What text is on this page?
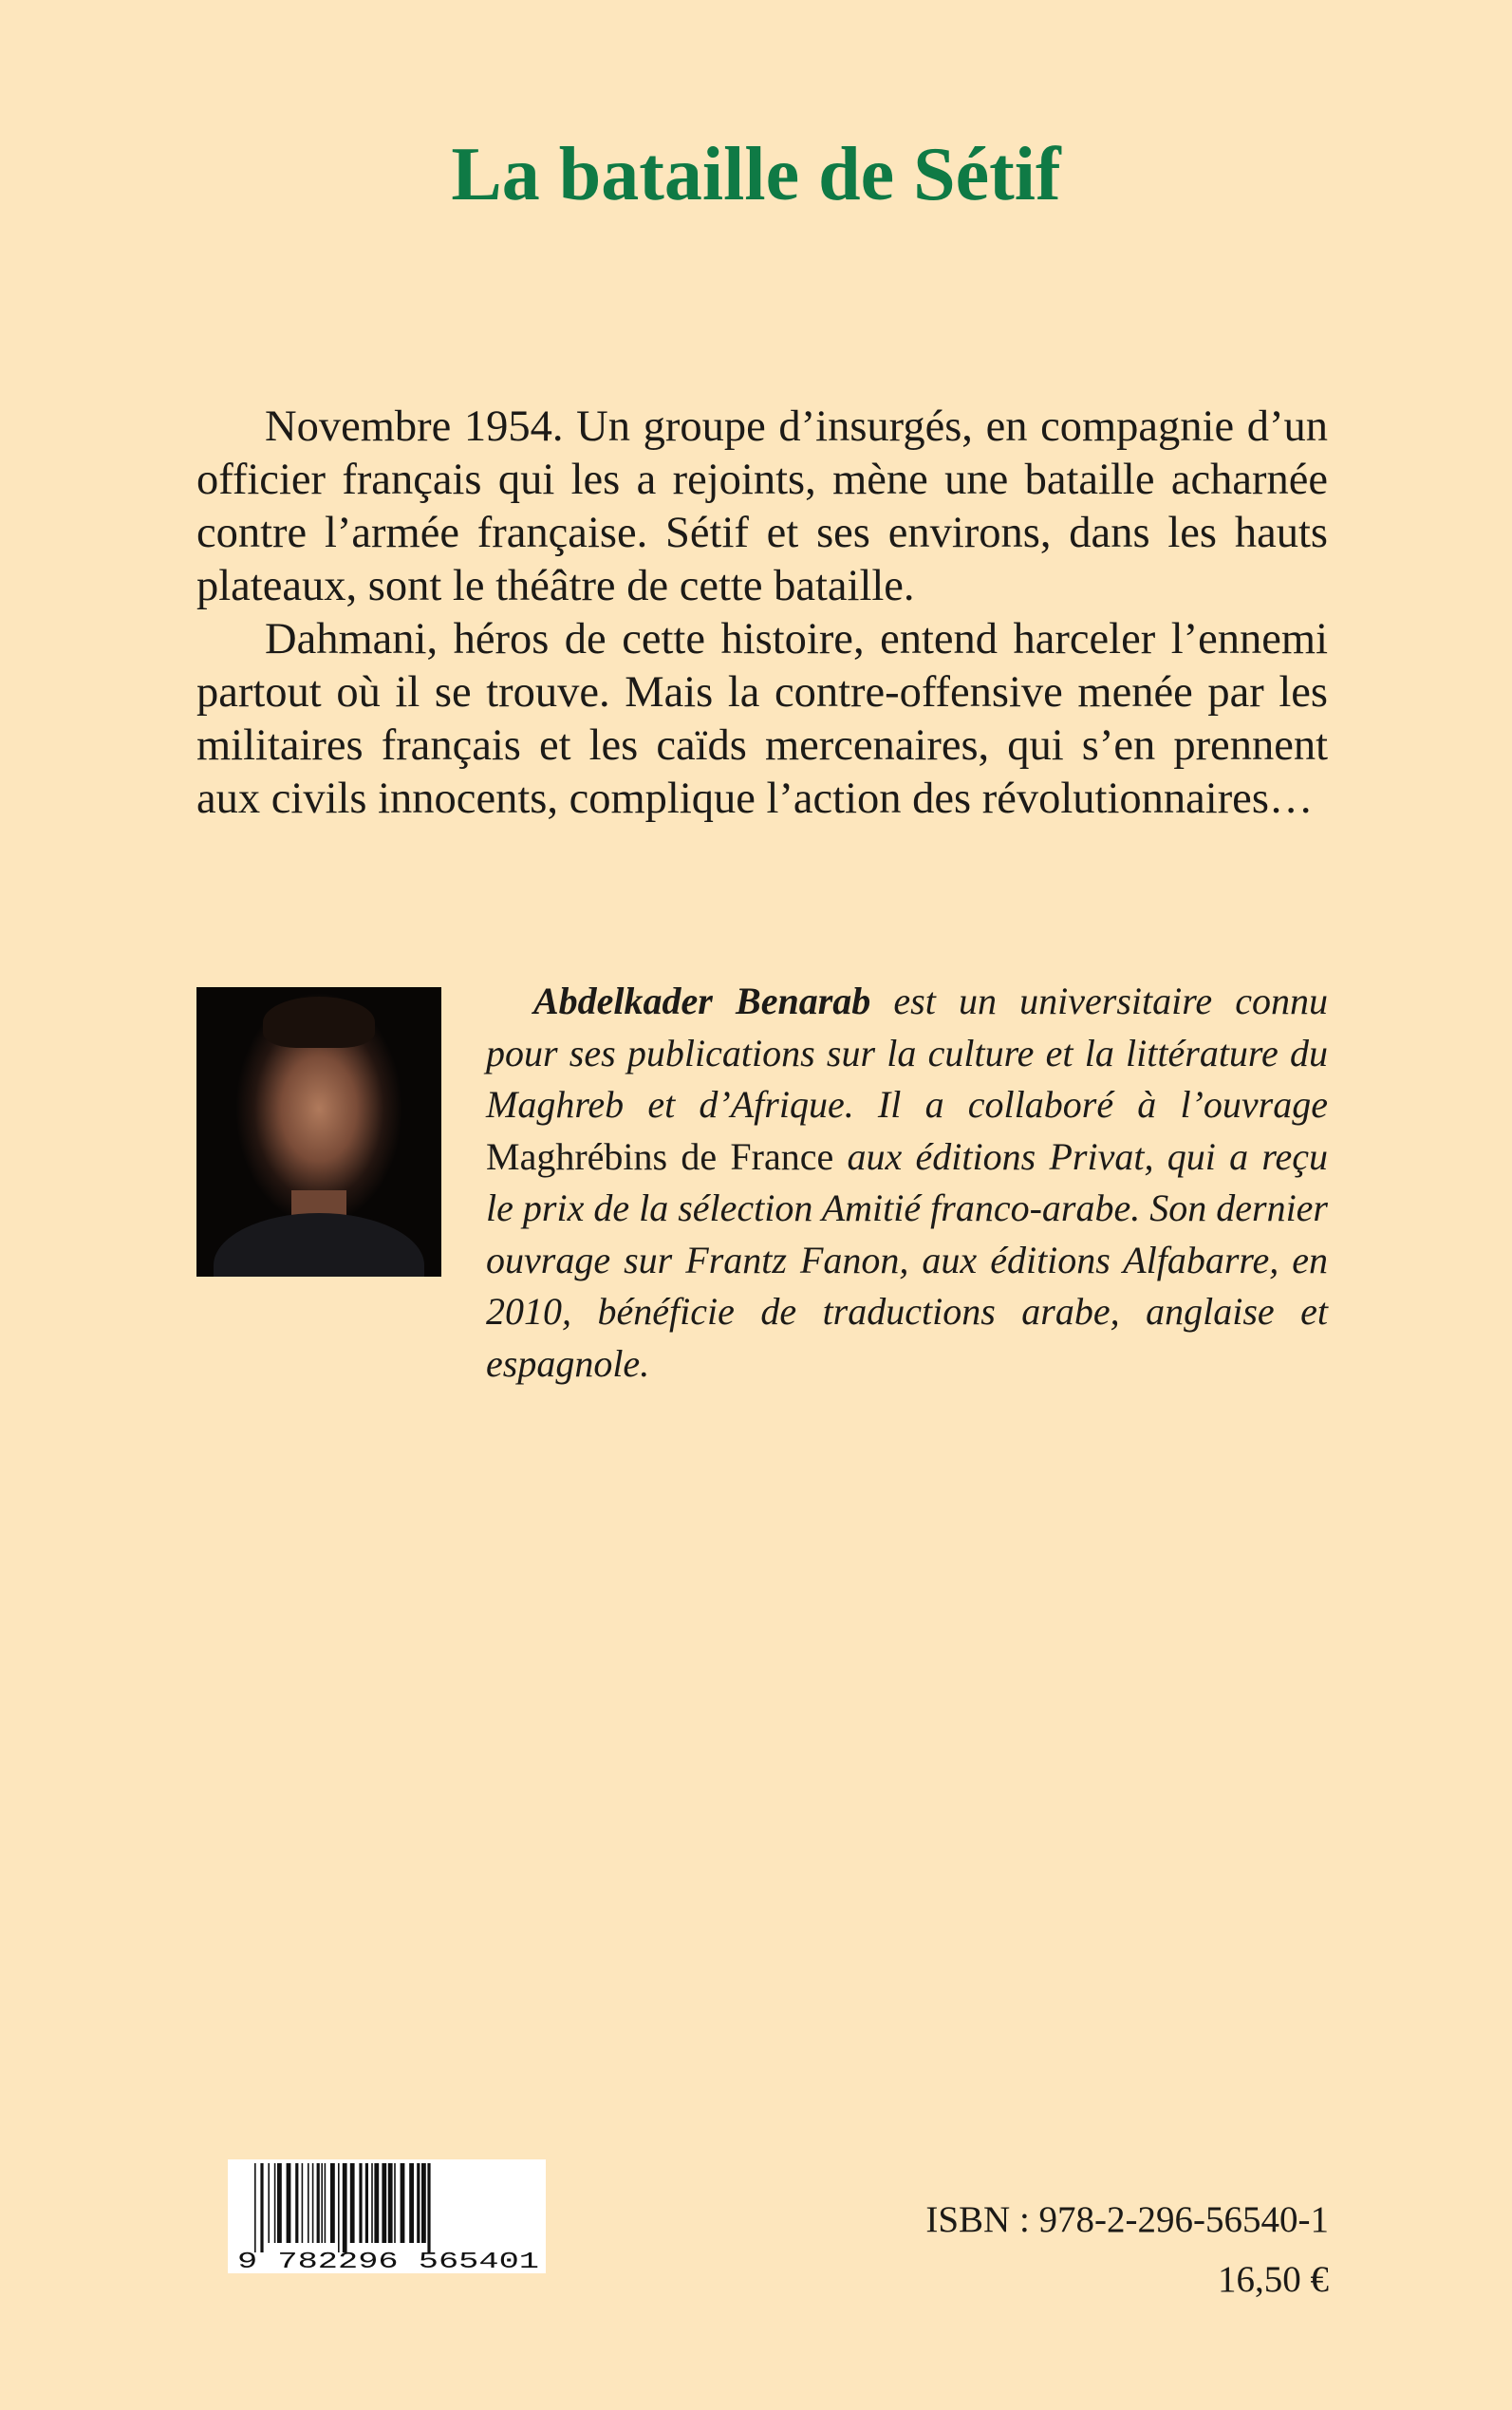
La bataille de Sétif

Novembre 1954. Un groupe d’insurgés, en compagnie d’un officier français qui les a rejoints, mène une bataille acharnée contre l’armée française. Sétif et ses environs, dans les hauts plateaux, sont le théâtre de cette bataille.

Dahmani, héros de cette histoire, entend harceler l’ennemi partout où il se trouve. Mais la contre-offensive menée par les militaires français et les caïds mercenaires, qui s’en prennent aux civils innocents, complique l’action des révolutionnaires…

Abdelkader Benarab est un universitaire connu pour ses publications sur la culture et la littérature du Maghreb et d’Afrique. Il a collaboré à l’ouvrage Maghrébins de France aux éditions Privat, qui a reçu le prix de la sélection Amitié franco-arabe. Son dernier ouvrage sur Frantz Fanon, aux éditions Alfabarre, en 2010, bénéficie de traductions arabe, anglaise et espagnole.

9 782296 565401

ISBN : 978-2-296-56540-1

16,50 €
